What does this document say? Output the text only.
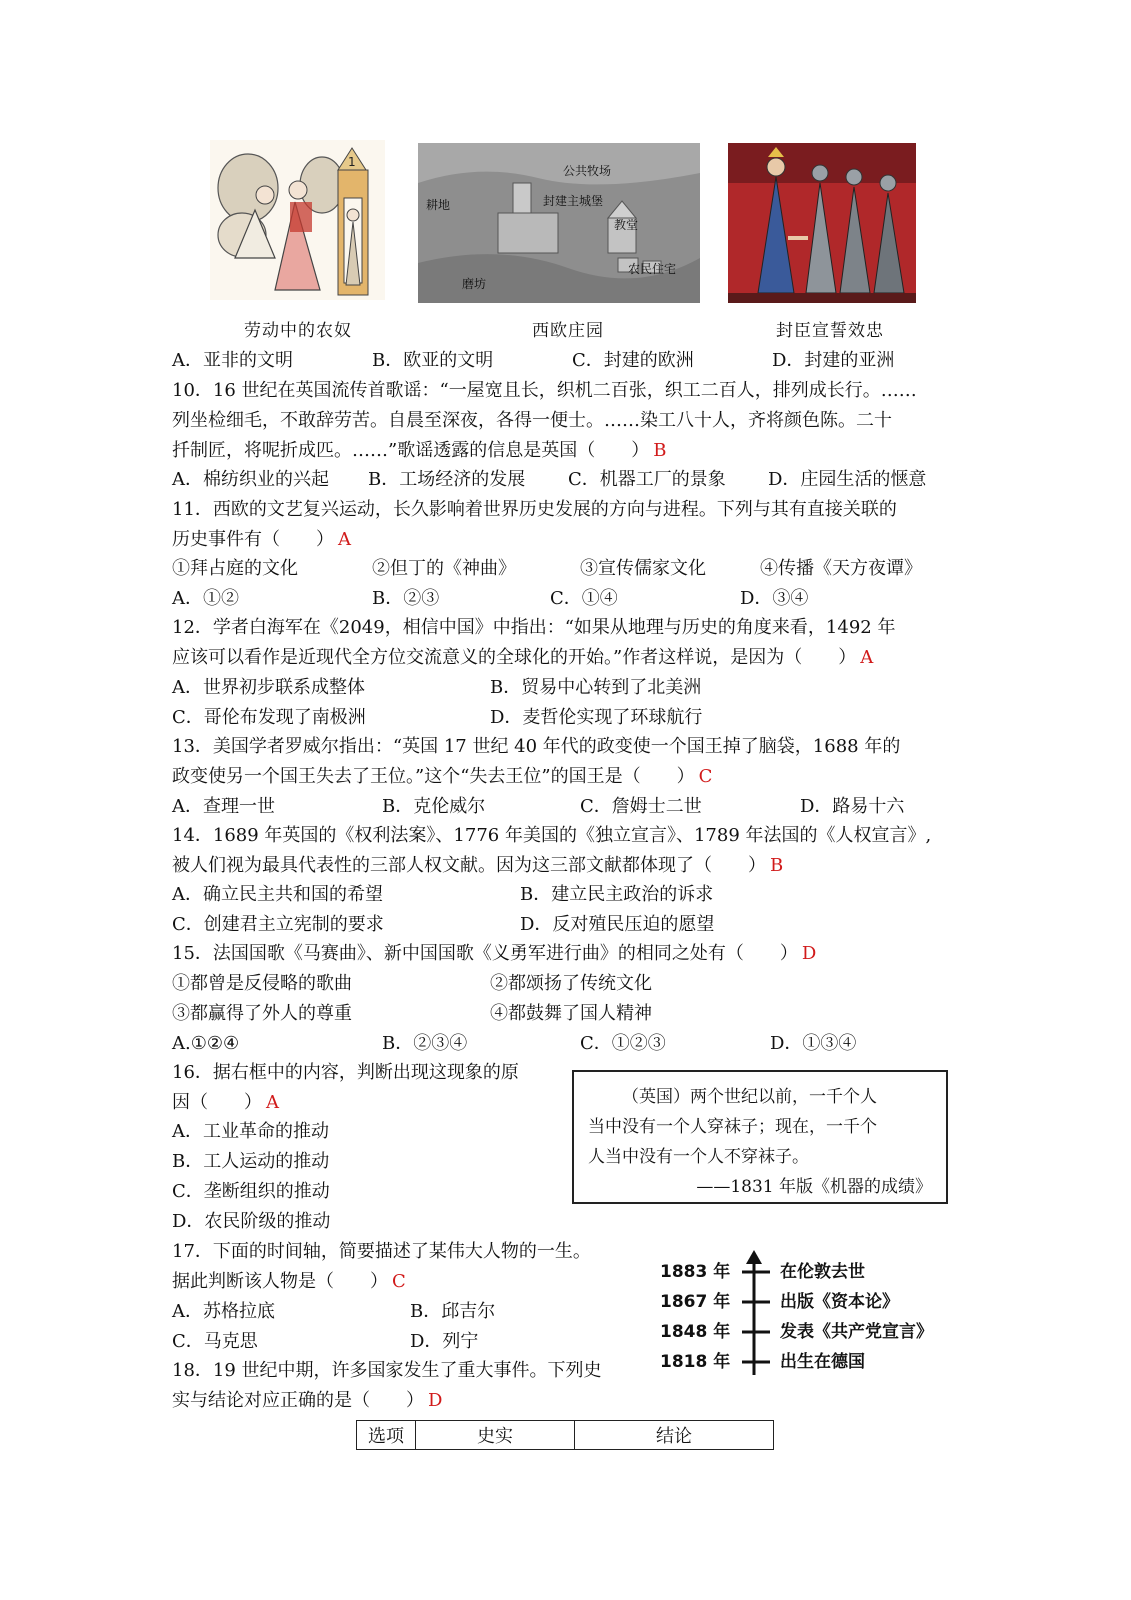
1
公共牧场
封建主城堡
耕地
教堂
磨坊
农民住宅
劳动中的农奴	西欧庄园	封臣宣誓效忠
A．亚非的文明	B．欧亚的文明	C．封建的欧洲	D．封建的亚洲
10．16 世纪在英国流传首歌谣：“一屋宽且长，织机二百张，织工二百人，排列成长行。……
列坐检细毛，不敢辞劳苦。自晨至深夜，各得一便士。……染工八十人，齐将颜色陈。二十
扦制匠，将呢折成匹。……”歌谣透露的信息是英国（　　） B
A．棉纺织业的兴起 B．工场经济的发展 C．机器工厂的景象 D．庄园生活的惬意
11．西欧的文艺复兴运动，长久影响着世界历史发展的方向与进程。下列与其有直接关联的
历史事件有（　　） A
①拜占庭的文化	②但丁的《神曲》	③宣传儒家文化	④传播《天方夜谭》
A．①②	B．②③	C．①④	D．③④
12．学者白海军在《2049，相信中国》中指出：“如果从地理与历史的角度来看，1492 年
应该可以看作是近现代全方位交流意义的全球化的开始。”作者这样说，是因为（　　） A
A．世界初步联系成整体	B．贸易中心转到了北美洲
C．哥伦布发现了南极洲	D．麦哲伦实现了环球航行
13．美国学者罗威尔指出：“英国 17 世纪 40 年代的政变使一个国王掉了脑袋，1688 年的
政变使另一个国王失去了王位。”这个“失去王位”的国王是（　　） C
A．查理一世	B．克伦威尔	C．詹姆士二世	D．路易十六
14．1689 年英国的《权利法案》、1776 年美国的《独立宣言》、1789 年法国的《人权宣言》,
被人们视为最具代表性的三部人权文献。因为这三部文献都体现了（　　） B
A．确立民主共和国的希望	B．建立民主政治的诉求
C．创建君主立宪制的要求	D．反对殖民压迫的愿望
15．法国国歌《马赛曲》、新中国国歌《义勇军进行曲》的相同之处有（　　） D
①都曾是反侵略的歌曲	②都颂扬了传统文化
③都赢得了外人的尊重	④都鼓舞了国人精神
A.①②④	B．②③④	C．①②③	D．①③④
16．据右框中的内容，判断出现这现象的原
因（　　） A
A．工业革命的推动
B．工人运动的推动
C．垄断组织的推动
D．农民阶级的推动
（英国）两个世纪以前，一千个人
当中没有一个人穿袜子；现在，一千个
人当中没有一个人不穿袜子。
——1831 年版《机器的成绩》
17．下面的时间轴，简要描述了某伟大人物的一生。
据此判断该人物是（　　） C
A．苏格拉底	B．邱吉尔
C．马克思	D．列宁
1883 年	在伦敦去世
1867 年	出版《资本论》
1848 年	发表《共产党宣言》
1818 年	出生在德国
18．19 世纪中期，许多国家发生了重大事件。下列史
实与结论对应正确的是（　　） D
选项	史实	结论
